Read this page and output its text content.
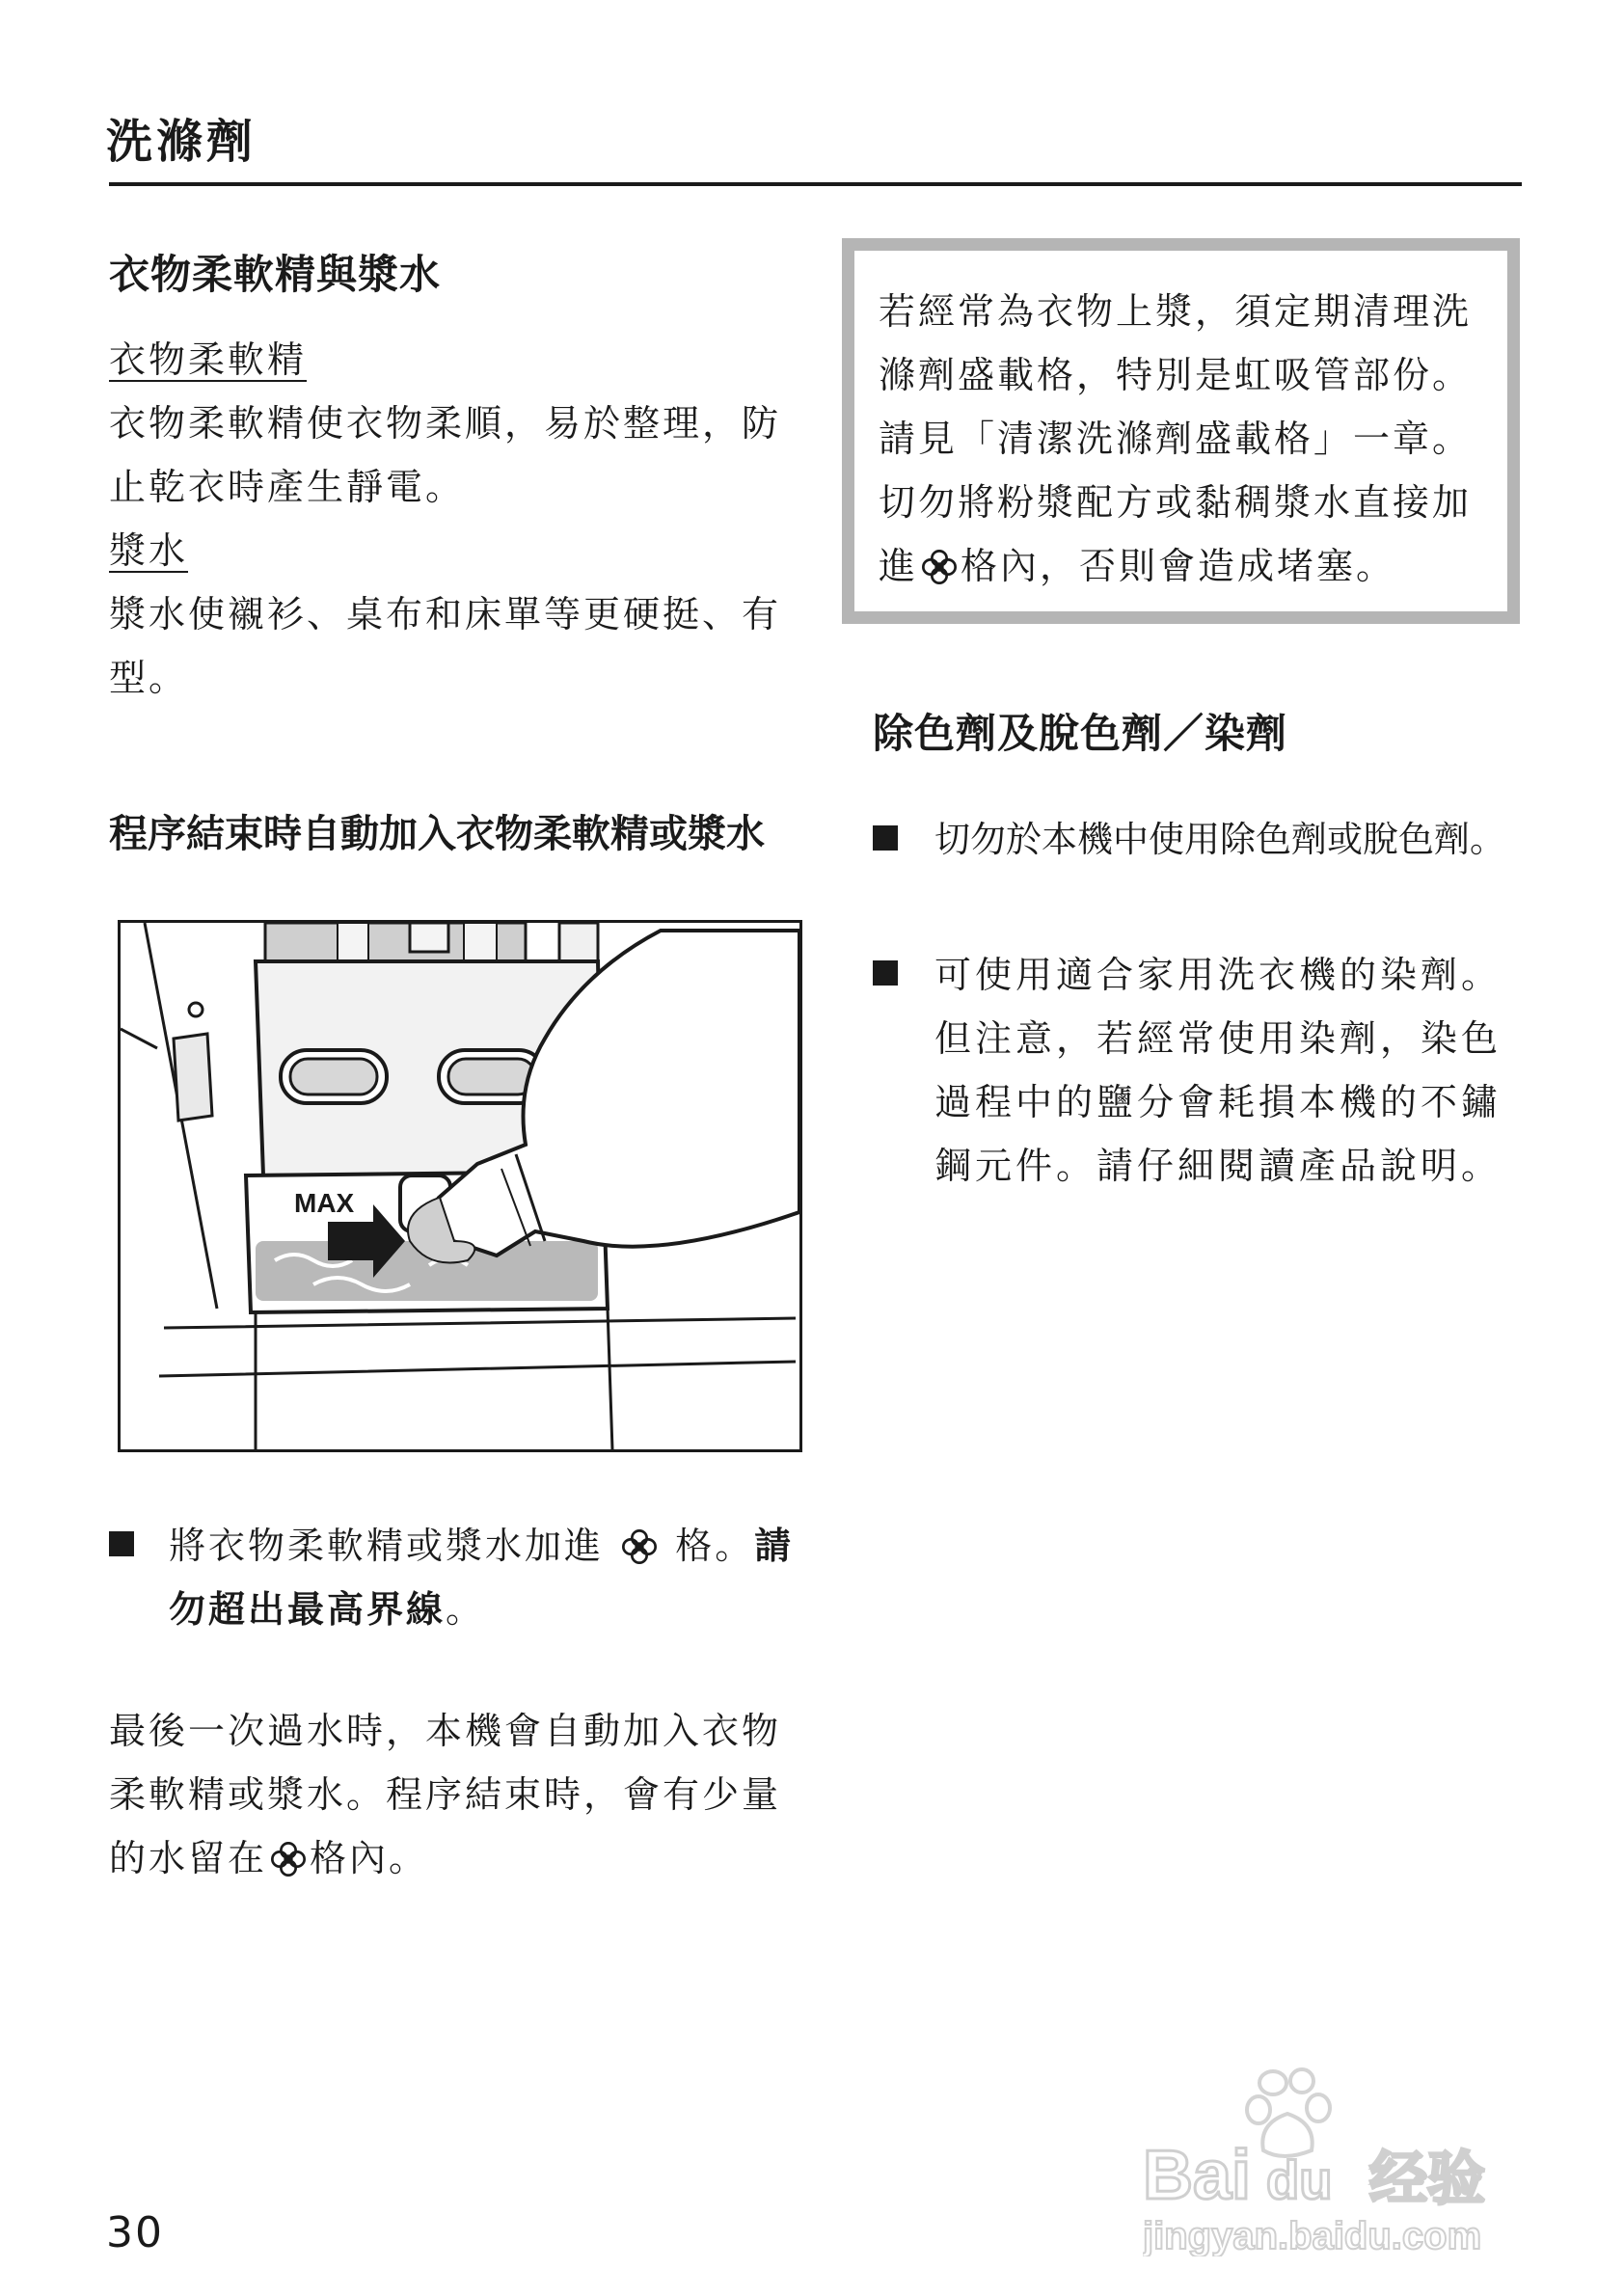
洗滌劑
衣物柔軟精與漿水
衣物柔軟精
衣物柔軟精使衣物柔順，易於整理，防
止乾衣時產生靜電。
漿水
漿水使襯衫、桌布和床單等更硬挺、有
型。
程序結束時自動加入衣物柔軟精或漿水
MAX
將衣物柔軟精或漿水加進 格。請
勿超出最高界線。
最後一次過水時，本機會自動加入衣物
柔軟精或漿水。程序結束時，會有少量
的水留在 格內。
若經常為衣物上漿，須定期清理洗
滌劑盛載格，特別是虹吸管部份。
請見「清潔洗滌劑盛載格」一章。
切勿將粉漿配方或黏稠漿水直接加
進 格內，否則會造成堵塞。
除色劑及脫色劑／染劑
切勿於本機中使用除色劑或脫色劑。
可使用適合家用洗衣機的染劑。
但注意，若經常使用染劑，染色
過程中的鹽分會耗損本機的不鏽
鋼元件。請仔細閱讀產品說明。
30
Bai du 经验
jingyan.baidu.com
